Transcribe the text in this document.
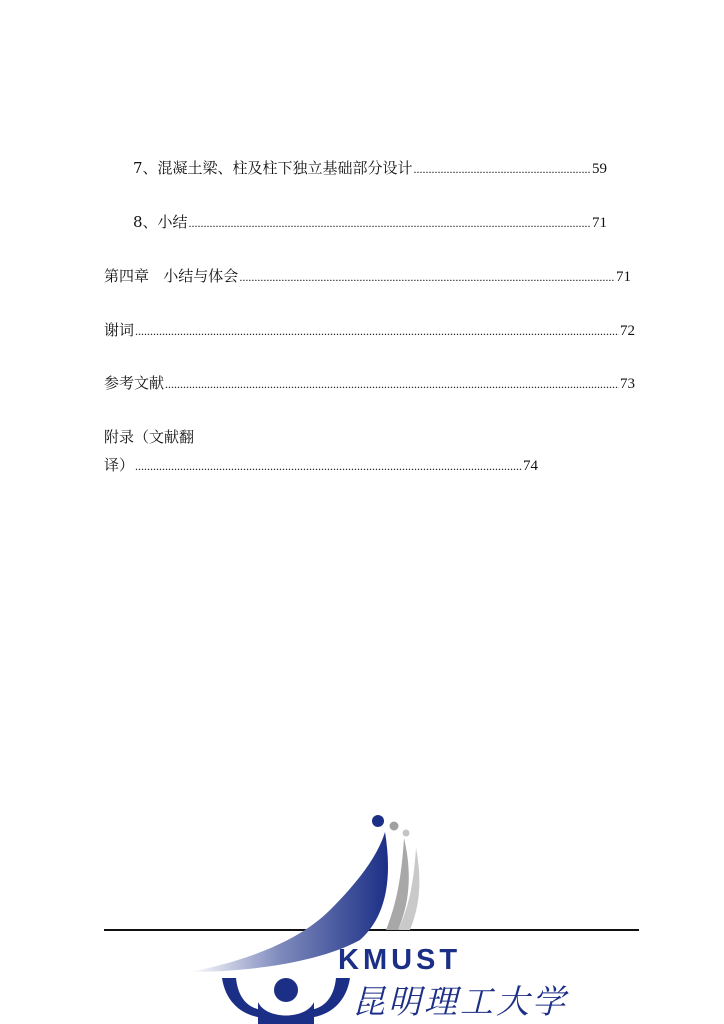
7、混凝土梁、柱及柱下独立基础部分设计 .....	59
8、小结 .....	71
第四章   小结与体会 .....	71
谢词 .....	72
参考文献 .....	73
附录（文献翻
译） .....	74
KMUST
昆明理工大学
